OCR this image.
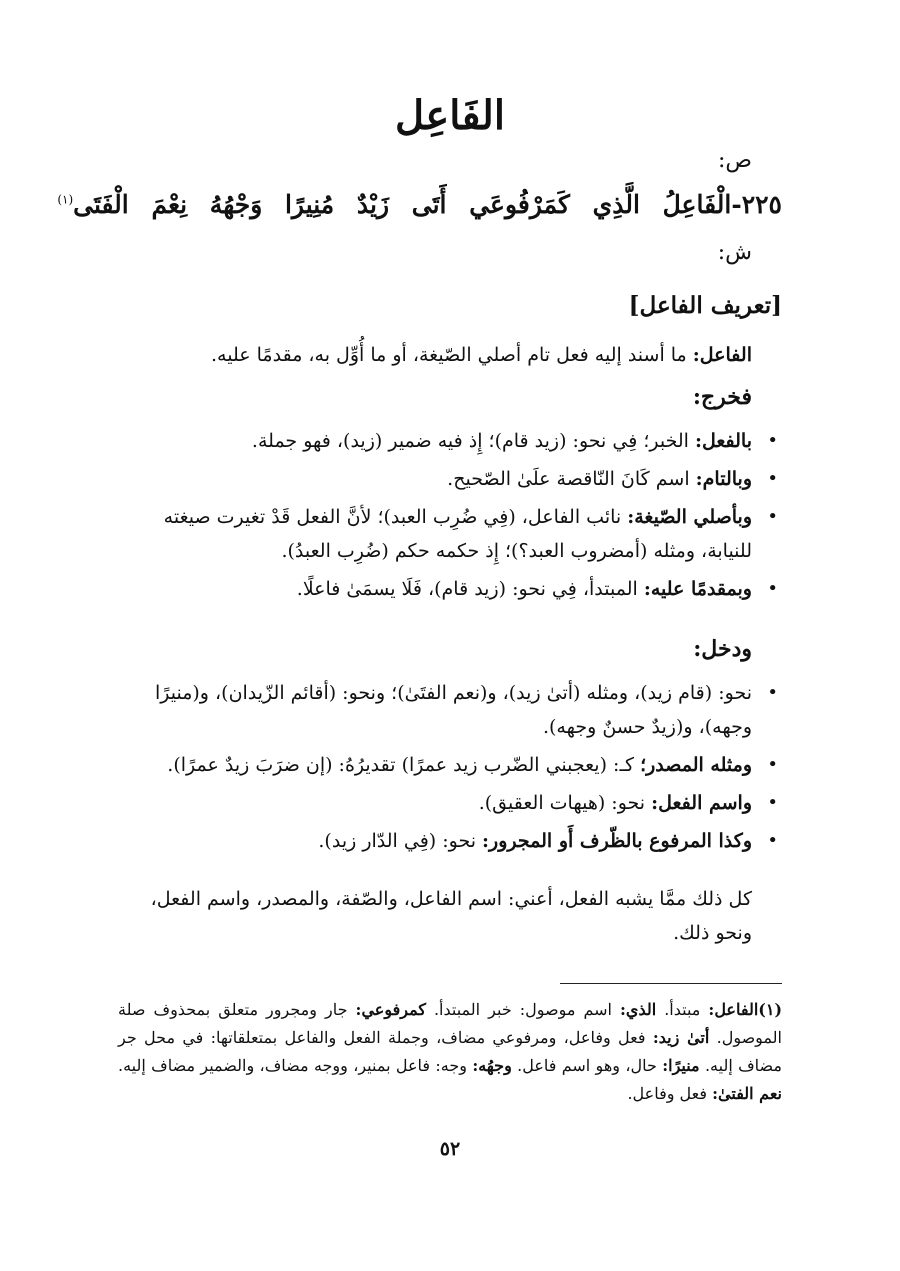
الفَاعِل
ص:
٢٢٥-الْفَاعِلُ الَّذِي كَمَرْفُوعَي أَتَى زَيْدٌ مُنِيرًا وَجْهُهُ نِعْمَ الْفَتَى$^{(١)}$
ش:
[تعريف الفاعل]
الفاعل: ما أسند إليه فعل تام أصلي الصّيغة، أو ما أُوِّل به، مقدمًا عليه.
فخرج:
• بالفعل: الخبر؛ فِي نحو: (زيد قام)؛ إِذ فيه ضمير (زيد)، فهو جملة.
• وبالتام: اسم كَانَ النّاقصة علَىٰ الصّحيح.
• وبأصلي الصّيغة: نائب الفاعل، (فِي ضُرِب العبد)؛ لأنَّ الفعل قَدْ تغيرت صيغته للنيابة، ومثله (أمضروب العبد؟)؛ إِذ حكمه حكم (ضُرِب العبدُ).
• وبمقدمًا عليه: المبتدأ، فِي نحو: (زيد قام)، فَلَا يسمَىٰ فاعلًا.
ودخل:
• نحو: (قام زيد)، ومثله (أتىٰ زيد)، و(نعم الفتَىٰ)؛ ونحو: (أقائم الزّيدان)، و(منيرًا وجهه)، و(زيدٌ حسنٌ وجهه).
• ومثله المصدر؛ كـ: (يعجبني الضّرب زيد عمرًا) تقديرُهُ: (إن ضرَبَ زيدٌ عمرًا).
• واسم الفعل: نحو: (هيهات العقيق).
• وكذا المرفوع بالظّرف أَو المجرور: نحو: (فِي الدّار زيد).
كل ذلك ممَّا يشبه الفعل، أعني: اسم الفاعل، والصّفة، والمصدر، واسم الفعل، ونحو ذلك.
(١)الفاعل: مبتدأ. الذي: اسم موصول: خبر المبتدأ. كمرفوعي: جار ومجرور متعلق بمحذوف صلة الموصول. أتىٰ زيد: فعل وفاعل، ومرفوعي مضاف، وجملة الفعل والفاعل بمتعلقاتها: في محل جر مضاف إليه. منيرًا: حال، وهو اسم فاعل. وجهُه: وجه: فاعل بمنير، ووجه مضاف، والضمير مضاف إليه. نعم الفتىٰ: فعل وفاعل.
٥٢
